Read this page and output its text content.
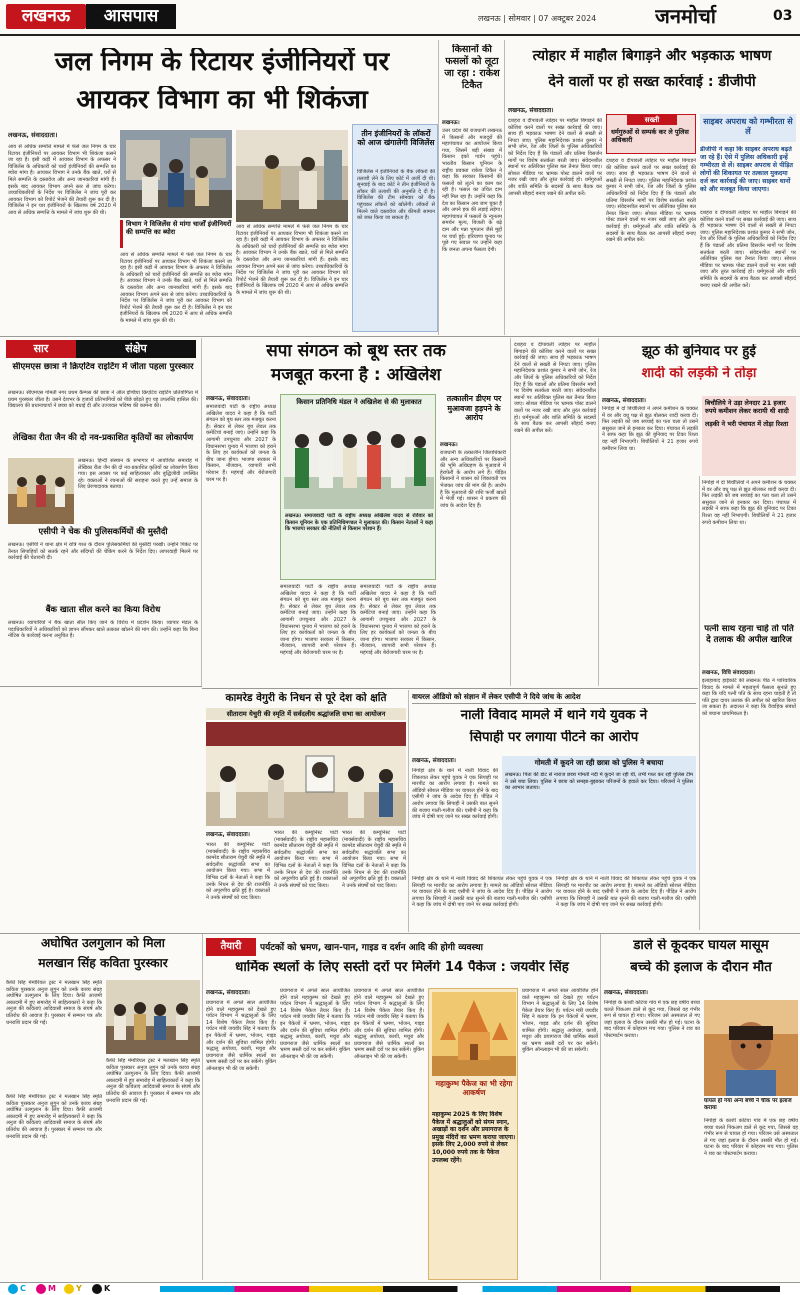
लखनऊ	आसपास	लखनऊ | सोमवार | 07 अक्टूबर 2024	जनमोर्चा	03
जल निगम के रिटायर इंजीनियरों पर
आयकर विभाग का भी शिकंजा
लखनऊ, संवाददाता।
आय से अधिक सम्पत्ति मामले में फंसे जल निगम के चार रिटायर इंजीनियरों पर आयकर विभाग भी शिकंजा कसने जा रहा है। इसी कड़ी में आयकर विभाग के अफसर ने विजिलेंस के अधिकारी को चारों इंजीनियरों की सम्पत्ति का ब्योरा मांगा है। आयकर विभाग ने उनके बैंक खाते, घरों से मिले सम्पत्ति के दस्तावेज और अन्य जानकारियां मांगी हैं। इसके बाद आयकर विभाग अपने स्तर से जांच करेगा। उच्चाधिकारियों के निर्देश पर विजिलेंस ने जांच पूरी कर आयकर विभाग को रिपोर्ट भेजने की तैयारी शुरू कर दी है। विजिलेंस ने इन चार इंजीनियरों के खिलाफ वर्ष 2020 में आय से अधिक सम्पत्ति के मामले में जांच शुरू की थी।
विभाग ने विजिलेंस से मांगा चार्जों इंजीनियरों की सम्पत्ति का ब्योरा
आय से अधिक सम्पत्ति मामले में फंसे जल निगम के चार रिटायर इंजीनियरों पर आयकर विभाग भी शिकंजा कसने जा रहा है। इसी कड़ी में आयकर विभाग के अफसर ने विजिलेंस के अधिकारी को चारों इंजीनियरों की सम्पत्ति का ब्योरा मांगा है। आयकर विभाग ने उनके बैंक खाते, घरों से मिले सम्पत्ति के दस्तावेज और अन्य जानकारियां मांगी हैं। इसके बाद आयकर विभाग अपने स्तर से जांच करेगा। उच्चाधिकारियों के निर्देश पर विजिलेंस ने जांच पूरी कर आयकर विभाग को रिपोर्ट भेजने की तैयारी शुरू कर दी है। विजिलेंस ने इन चार इंजीनियरों के खिलाफ वर्ष 2020 में आय से अधिक सम्पत्ति के मामले में जांच शुरू की थी।
आय से अधिक सम्पत्ति मामले में फंसे जल निगम के चार रिटायर इंजीनियरों पर आयकर विभाग भी शिकंजा कसने जा रहा है। इसी कड़ी में आयकर विभाग के अफसर ने विजिलेंस के अधिकारी को चारों इंजीनियरों की सम्पत्ति का ब्योरा मांगा है। आयकर विभाग ने उनके बैंक खाते, घरों से मिले सम्पत्ति के दस्तावेज और अन्य जानकारियां मांगी हैं। इसके बाद आयकर विभाग अपने स्तर से जांच करेगा। उच्चाधिकारियों के निर्देश पर विजिलेंस ने जांच पूरी कर आयकर विभाग को रिपोर्ट भेजने की तैयारी शुरू कर दी है। विजिलेंस ने इन चार इंजीनियरों के खिलाफ वर्ष 2020 में आय से अधिक सम्पत्ति के मामले में जांच शुरू की थी।
तीन इंजीनियरों के लॉकरों को आज खंगालेगी विजिलेंस
विजिलेंस ने इंजीनियरों के बैंक लॉकरों की तलाशी लेने के लिए कोर्ट में अर्जी दी थी। सुनवाई के बाद कोर्ट ने तीन इंजीनियरों के लॉकर की तलाशी की अनुमति दे दी है। विजिलेंस की टीम सोमवार को बैंक पहुंचकर लॉकरों को खोलेगी। लॉकरों से मिलने वाले दस्तावेज और कीमती सामान को जब्त किया जा सकता है।
किसानों की फसलों को लूटा जा रहा : राकेश टिकैत
लखनऊ।
उत्तर प्रदेश की राजधानी लखनऊ में किसानों और मजदूरों की महापंचायत का आयोजन किया गया, जिसमें बड़ी संख्या में किसान इको गार्डन पहुंचे। भारतीय किसान यूनियन के राष्ट्रीय प्रवक्ता राकेश टिकैत ने कहा कि सरकार किसानों की फसलों को लूटने का काम कर रही है। फसल का उचित दाम नहीं मिल रहा है। उन्होंने कहा कि देश का किसान अब जाग चुका है और अपने हक की लड़ाई लड़ेगा। महापंचायत में फसलों के न्यूनतम समर्थन मूल्य, बिजली के बढ़े दाम और गन्ना भुगतान जैसे मुद्दों पर चर्चा हुई। हरियाणा चुनाव पर पूछे गए सवाल पर उन्होंने कहा कि जनता अपना फैसला देगी।
त्योहार में माहौल बिगाड़ने और भड़काऊ भाषण
देने वालों पर हो सख्त कार्रवाई : डीजीपी
लखनऊ, संवाददाता।
दशहरा व दीपावली त्योहार पर माहौल बिगाड़ने की कोशिश करने वालों पर सख्त कार्रवाई की जाए। साथ ही भड़काऊ भाषण देने वालों से सख्ती से निपटा जाए। पुलिस महानिदेशक प्रशांत कुमार ने सभी जोन, रेंज और जिलों के पुलिस अधिकारियों को निर्देश दिए हैं कि पंडालों और प्रतिमा विसर्जन मार्गों पर विशेष सतर्कता बरती जाए। संवेदनशील स्थानों पर अतिरिक्त पुलिस बल तैनात किया जाए। सोशल मीडिया पर भ्रामक पोस्ट डालने वालों पर नजर रखी जाए और तुरंत कार्रवाई हो। धर्मगुरुओं और शांति समिति के सदस्यों के साथ बैठक कर आपसी सौहार्द बनाए रखने की अपील करें।
सख्ती
धर्मगुरुओं से सम्पर्क कर ले पुलिस अधिकारी
दशहरा व दीपावली त्योहार पर माहौल बिगाड़ने की कोशिश करने वालों पर सख्त कार्रवाई की जाए। साथ ही भड़काऊ भाषण देने वालों से सख्ती से निपटा जाए। पुलिस महानिदेशक प्रशांत कुमार ने सभी जोन, रेंज और जिलों के पुलिस अधिकारियों को निर्देश दिए हैं कि पंडालों और प्रतिमा विसर्जन मार्गों पर विशेष सतर्कता बरती जाए। संवेदनशील स्थानों पर अतिरिक्त पुलिस बल तैनात किया जाए। सोशल मीडिया पर भ्रामक पोस्ट डालने वालों पर नजर रखी जाए और तुरंत कार्रवाई हो। धर्मगुरुओं और शांति समिति के सदस्यों के साथ बैठक कर आपसी सौहार्द बनाए रखने की अपील करें।
साइबर अपराध को गम्भीरता से लें
डीजीपी ने कहा कि साइबर अपराध बढ़ते जा रहे हैं। ऐसे में पुलिस अधिकारी इन्हें गम्भीरता से लें। साइबर अपराध से पीड़ित लोगों की शिकायत पर तत्काल मुकदमा दर्ज कर कार्रवाई की जाए। साइबर थानों को और मजबूत किया जाएगा।
दशहरा व दीपावली त्योहार पर माहौल बिगाड़ने की कोशिश करने वालों पर सख्त कार्रवाई की जाए। साथ ही भड़काऊ भाषण देने वालों से सख्ती से निपटा जाए। पुलिस महानिदेशक प्रशांत कुमार ने सभी जोन, रेंज और जिलों के पुलिस अधिकारियों को निर्देश दिए हैं कि पंडालों और प्रतिमा विसर्जन मार्गों पर विशेष सतर्कता बरती जाए। संवेदनशील स्थानों पर अतिरिक्त पुलिस बल तैनात किया जाए। सोशल मीडिया पर भ्रामक पोस्ट डालने वालों पर नजर रखी जाए और तुरंत कार्रवाई हो। धर्मगुरुओं और शांति समिति के सदस्यों के साथ बैठक कर आपसी सौहार्द बनाए रखने की अपील करें।
सार	संक्षेप
सीएमएस छात्रा ने क्रिएटिव राइटिंग में जीता पहला पुरस्कार
लखनऊ। सीएमएस गोमती नगर प्रथम कैम्पस की छात्रा ने ऑल इण्डिया क्रिएटिव राइटिंग प्रतियोगिता में प्रथम पुरस्कार जीता है। उसने देशभर के हजारों प्रतिभागियों को पीछे छोड़ते हुए यह उपलब्धि हासिल की। विद्यालय की प्रधानाचार्या ने छात्रा को बधाई दी और उज्जवल भविष्य की कामना की।
लेखिका रीता जैन की दो नव-प्रकाशित कृतियों का लोकार्पण
लखनऊ। हिन्दी संस्थान के सभागार में आयोजित समारोह में लेखिका रीता जैन की दो नव-प्रकाशित कृतियों का लोकार्पण किया गया। इस अवसर पर कई साहित्यकार और बुद्धिजीवी उपस्थित रहे। वक्ताओं ने रचनाओं की सराहना करते हुए उन्हें समाज के लिए प्रेरणादायक बताया।
एसीपी ने चेक की पुलिसकर्मियों की मुस्तैदी
लखनऊ। एसीपी ने थाना क्षेत्र में रात्रि गश्त के दौरान पुलिसकर्मियों की मुस्तैदी परखी। उन्होंने पिकेट पर तैनात सिपाहियों को सतर्क रहने और संदिग्धों की चेकिंग करने के निर्देश दिए। लापरवाही मिलने पर कार्रवाई की चेतावनी दी।
बैंक खाता सील करने का किया विरोध
लखनऊ। व्यापारियों ने बैंक खाता सील किए जाने के विरोध में प्रदर्शन किया। व्यापार मंडल के पदाधिकारियों ने अधिकारियों को ज्ञापन सौंपकर खाते तत्काल खोलने की मांग की। उन्होंने कहा कि बिना नोटिस के कार्रवाई करना अनुचित है।
सपा संगठन को बूथ स्तर तक
मजबूत करना है : अखिलेश
लखनऊ, संवाददाता।
समाजवादी पार्टी के राष्ट्रीय अध्यक्ष अखिलेश यादव ने कहा है कि पार्टी संगठन को बूथ स्तर तक मजबूत करना है। सेक्टर से लेकर बूथ लेवल तक कमेटियां बनाई जाएं। उन्होंने कहा कि आगामी उपचुनाव और 2027 के विधानसभा चुनाव में भाजपा को हराने के लिए हर कार्यकर्ता को जनता के बीच जाना होगा। भाजपा सरकार में किसान, नौजवान, व्यापारी सभी परेशान हैं। महंगाई और बेरोजगारी चरम पर है।
किसान प्रतिनिधि मंडल ने अखिलेश से की मुलाकात
लखनऊ। समाजवादी पार्टी के राष्ट्रीय अध्यक्ष अखिलेश यादव से रविवार को किसान यूनियन के एक प्रतिनिधिमण्डल ने मुलाकात की। किसान नेताओं ने कहा कि भाजपा सरकार की नीतियों से किसान परेशान हैं।
समाजवादी पार्टी के राष्ट्रीय अध्यक्ष अखिलेश यादव ने कहा है कि पार्टी संगठन को बूथ स्तर तक मजबूत करना है। सेक्टर से लेकर बूथ लेवल तक कमेटियां बनाई जाएं। उन्होंने कहा कि आगामी उपचुनाव और 2027 के विधानसभा चुनाव में भाजपा को हराने के लिए हर कार्यकर्ता को जनता के बीच जाना होगा। भाजपा सरकार में किसान, नौजवान, व्यापारी सभी परेशान हैं। महंगाई और बेरोजगारी चरम पर है।
समाजवादी पार्टी के राष्ट्रीय अध्यक्ष अखिलेश यादव ने कहा है कि पार्टी संगठन को बूथ स्तर तक मजबूत करना है। सेक्टर से लेकर बूथ लेवल तक कमेटियां बनाई जाएं। उन्होंने कहा कि आगामी उपचुनाव और 2027 के विधानसभा चुनाव में भाजपा को हराने के लिए हर कार्यकर्ता को जनता के बीच जाना होगा। भाजपा सरकार में किसान, नौजवान, व्यापारी सभी परेशान हैं। महंगाई और बेरोजगारी चरम पर है।
तत्कालीन डीएम पर मुआवजा हड़पने के आरोप
लखनऊ।
राजधानी के तत्कालीन जिलाधिकारी और अन्य अधिकारियों पर किसानों की भूमि अधिग्रहण के मुआवजे में हेराफेरी के आरोप लगे हैं। पीड़ित किसानों ने शासन को शिकायती पत्र भेजकर जांच की मांग की है। आरोप है कि मुआवजे की राशि फर्जी खातों में भेजी गई। शासन ने प्रकरण की जांच के आदेश दिए हैं।
दशहरा व दीपावली त्योहार पर माहौल बिगाड़ने की कोशिश करने वालों पर सख्त कार्रवाई की जाए। साथ ही भड़काऊ भाषण देने वालों से सख्ती से निपटा जाए। पुलिस महानिदेशक प्रशांत कुमार ने सभी जोन, रेंज और जिलों के पुलिस अधिकारियों को निर्देश दिए हैं कि पंडालों और प्रतिमा विसर्जन मार्गों पर विशेष सतर्कता बरती जाए। संवेदनशील स्थानों पर अतिरिक्त पुलिस बल तैनात किया जाए। सोशल मीडिया पर भ्रामक पोस्ट डालने वालों पर नजर रखी जाए और तुरंत कार्रवाई हो। धर्मगुरुओं और शांति समिति के सदस्यों के साथ बैठक कर आपसी सौहार्द बनाए रखने की अपील करें।
झूठ की बुनियाद पर हुई
शादी को लड़की ने तोड़ा
लखनऊ, संवाददाता।
निगोहां में दो बिचौलियों ने अपने कमीशन के चक्कर में वर और वधू पक्ष से झूठ बोलकर शादी करवा दी। फिर लड़की को जब सच्चाई का पता चला तो उसने ससुराल जाने से इनकार कर दिया। पंचायत में लड़की ने साफ कहा कि झूठ की बुनियाद पर टिका रिश्ता वह नहीं निभाएगी। बिचौलियों ने 21 हजार रुपये कमीशन लिया था।
बिचौलिये ने उड़ा लेनदार 21 हजार रुपये कमीशन लेकर करायी थी शादी
लड़की ने भरी पंचायत में तोड़ा रिश्ता
निगोहां में दो बिचौलियों ने अपने कमीशन के चक्कर में वर और वधू पक्ष से झूठ बोलकर शादी करवा दी। फिर लड़की को जब सच्चाई का पता चला तो उसने ससुराल जाने से इनकार कर दिया। पंचायत में लड़की ने साफ कहा कि झूठ की बुनियाद पर टिका रिश्ता वह नहीं निभाएगी। बिचौलियों ने 21 हजार रुपये कमीशन लिया था।
पत्नी साथ रहना चाहे तो पति दे तलाक की अपील खारिज
लखनऊ, विधि संवाददाता।
इलाहाबाद हाईकोर्ट की लखनऊ पीठ ने पारिवारिक विवाद के मामले में महत्वपूर्ण फैसला सुनाते हुए कहा कि यदि पत्नी पति के साथ रहना चाहती है तो पति द्वारा दायर तलाक की अपील को खारिज किया जा सकता है। अदालत ने कहा कि वैवाहिक संबंधों को बचाना प्राथमिकता है।
कामरेड वेगुरी के निधन से पूरे देश को क्षति
सीताराम येचुरी की स्मृति में सर्वदलीय श्रद्धांजलि सभा का आयोजन
लखनऊ, संवाददाता।
भारत की कम्युनिस्ट पार्टी (मार्क्सवादी) के राष्ट्रीय महासचिव कामरेड सीताराम येचुरी की स्मृति में सर्वदलीय श्रद्धांजलि सभा का आयोजन किया गया। सभा में विभिन्न दलों के नेताओं ने कहा कि उनके निधन से देश की राजनीति को अपूरणीय क्षति हुई है। वक्ताओं ने उनके संघर्षों को याद किया।
भारत की कम्युनिस्ट पार्टी (मार्क्सवादी) के राष्ट्रीय महासचिव कामरेड सीताराम येचुरी की स्मृति में सर्वदलीय श्रद्धांजलि सभा का आयोजन किया गया। सभा में विभिन्न दलों के नेताओं ने कहा कि उनके निधन से देश की राजनीति को अपूरणीय क्षति हुई है। वक्ताओं ने उनके संघर्षों को याद किया।
भारत की कम्युनिस्ट पार्टी (मार्क्सवादी) के राष्ट्रीय महासचिव कामरेड सीताराम येचुरी की स्मृति में सर्वदलीय श्रद्धांजलि सभा का आयोजन किया गया। सभा में विभिन्न दलों के नेताओं ने कहा कि उनके निधन से देश की राजनीति को अपूरणीय क्षति हुई है। वक्ताओं ने उनके संघर्षों को याद किया।
वायरल ऑडियो को संज्ञान में लेकर एसीपी ने दिये जांच के आदेश
नाली विवाद मामले में थाने गये युवक ने
सिपाही पर लगाया पीटने का आरोप
लखनऊ, संवाददाता।
निगोहां क्षेत्र के थाने में नाली विवाद की शिकायत लेकर पहुंचे युवक ने एक सिपाही पर मारपीट का आरोप लगाया है। मामले का ऑडियो सोशल मीडिया पर वायरल होने के बाद एसीपी ने जांच के आदेश दिए हैं। पीड़ित ने आरोप लगाया कि सिपाही ने उसकी बात सुनने की बजाय गाली-गलौज की। एसीपी ने कहा कि जांच में दोषी पाए जाने पर सख्त कार्रवाई होगी।
गोमती में कूदने जा रही छात्रा को पुलिस ने बचाया
लखनऊ। पिता की डांट से नाराज छात्रा गोमती नदी में कूदने जा रही थी, तभी गश्त कर रही पुलिस टीम ने उसे बचा लिया। पुलिस ने छात्रा को समझा-बुझाकर परिजनों के हवाले कर दिया। परिजनों ने पुलिस का आभार जताया।
निगोहां क्षेत्र के थाने में नाली विवाद की शिकायत लेकर पहुंचे युवक ने एक सिपाही पर मारपीट का आरोप लगाया है। मामले का ऑडियो सोशल मीडिया पर वायरल होने के बाद एसीपी ने जांच के आदेश दिए हैं। पीड़ित ने आरोप लगाया कि सिपाही ने उसकी बात सुनने की बजाय गाली-गलौज की। एसीपी ने कहा कि जांच में दोषी पाए जाने पर सख्त कार्रवाई होगी।
निगोहां क्षेत्र के थाने में नाली विवाद की शिकायत लेकर पहुंचे युवक ने एक सिपाही पर मारपीट का आरोप लगाया है। मामले का ऑडियो सोशल मीडिया पर वायरल होने के बाद एसीपी ने जांच के आदेश दिए हैं। पीड़ित ने आरोप लगाया कि सिपाही ने उसकी बात सुनने की बजाय गाली-गलौज की। एसीपी ने कहा कि जांच में दोषी पाए जाने पर सख्त कार्रवाई होगी।
अघोषित उलगुलान को मिला
मलखान सिंह कविता पुरस्कार
कैफी सिंह मेमोरियल ट्रस्ट ने मलखान सिंह स्मृति कविता पुरस्कार अनुज लुगुन को उनके काव्य संग्रह अघोषित उलगुलान के लिए दिया। कैफी आजमी अकादमी में हुए समारोह में साहित्यकारों ने कहा कि अनुज की कविताएं आदिवासी समाज के संघर्ष और प्रतिरोध की आवाज हैं। पुरस्कार में सम्मान पत्र और धनराशि प्रदान की गई।
कैफी सिंह मेमोरियल ट्रस्ट ने मलखान सिंह स्मृति कविता पुरस्कार अनुज लुगुन को उनके काव्य संग्रह अघोषित उलगुलान के लिए दिया। कैफी आजमी अकादमी में हुए समारोह में साहित्यकारों ने कहा कि अनुज की कविताएं आदिवासी समाज के संघर्ष और प्रतिरोध की आवाज हैं। पुरस्कार में सम्मान पत्र और धनराशि प्रदान की गई।
कैफी सिंह मेमोरियल ट्रस्ट ने मलखान सिंह स्मृति कविता पुरस्कार अनुज लुगुन को उनके काव्य संग्रह अघोषित उलगुलान के लिए दिया। कैफी आजमी अकादमी में हुए समारोह में साहित्यकारों ने कहा कि अनुज की कविताएं आदिवासी समाज के संघर्ष और प्रतिरोध की आवाज हैं। पुरस्कार में सम्मान पत्र और धनराशि प्रदान की गई।
तैयारी	पर्यटकों को भ्रमण, खान-पान, गाइड व दर्शन आदि की होगी व्यवस्था
धार्मिक स्थलों के लिए सस्ती दरों पर मिलेंगे 14 पैकेज : जयवीर सिंह
लखनऊ, संवाददाता।
प्रयागराज में अगले साल आयोजित होने वाले महाकुम्भ को देखते हुए पर्यटन विभाग ने श्रद्धालुओं के लिए 14 विशेष पैकेज तैयार किए हैं। पर्यटन मंत्री जयवीर सिंह ने बताया कि इन पैकेजों में भ्रमण, भोजन, गाइड और दर्शन की सुविधा शामिल होगी। श्रद्धालु अयोध्या, काशी, मथुरा और प्रयागराज जैसे धार्मिक स्थलों का भ्रमण सस्ती दरों पर कर सकेंगे। बुकिंग ऑनलाइन भी की जा सकेगी।
प्रयागराज में अगले साल आयोजित होने वाले महाकुम्भ को देखते हुए पर्यटन विभाग ने श्रद्धालुओं के लिए 14 विशेष पैकेज तैयार किए हैं। पर्यटन मंत्री जयवीर सिंह ने बताया कि इन पैकेजों में भ्रमण, भोजन, गाइड और दर्शन की सुविधा शामिल होगी। श्रद्धालु अयोध्या, काशी, मथुरा और प्रयागराज जैसे धार्मिक स्थलों का भ्रमण सस्ती दरों पर कर सकेंगे। बुकिंग ऑनलाइन भी की जा सकेगी।
प्रयागराज में अगले साल आयोजित होने वाले महाकुम्भ को देखते हुए पर्यटन विभाग ने श्रद्धालुओं के लिए 14 विशेष पैकेज तैयार किए हैं। पर्यटन मंत्री जयवीर सिंह ने बताया कि इन पैकेजों में भ्रमण, भोजन, गाइड और दर्शन की सुविधा शामिल होगी। श्रद्धालु अयोध्या, काशी, मथुरा और प्रयागराज जैसे धार्मिक स्थलों का भ्रमण सस्ती दरों पर कर सकेंगे। बुकिंग ऑनलाइन भी की जा सकेगी।
महाकुम्भ पैकेज का भी रहेगा आकर्षण
महाकुम्भ 2025 के लिए विशेष पैकेज में श्रद्धालुओं को संगम स्नान, अखाड़ों का दर्शन और प्रयागराज के प्रमुख मंदिरों का भ्रमण कराया जाएगा। इसके लिए 2,000 रुपये से लेकर 10,000 रुपये तक के पैकेज उपलब्ध रहेंगे।
प्रयागराज में अगले साल आयोजित होने वाले महाकुम्भ को देखते हुए पर्यटन विभाग ने श्रद्धालुओं के लिए 14 विशेष पैकेज तैयार किए हैं। पर्यटन मंत्री जयवीर सिंह ने बताया कि इन पैकेजों में भ्रमण, भोजन, गाइड और दर्शन की सुविधा शामिल होगी। श्रद्धालु अयोध्या, काशी, मथुरा और प्रयागराज जैसे धार्मिक स्थलों का भ्रमण सस्ती दरों पर कर सकेंगे। बुकिंग ऑनलाइन भी की जा सकेगी।
डाले से कूदकर घायल मासूम
बच्चे की इलाज के दौरान मौत
लखनऊ, संवाददाता।
निगोहां के काशी कटिया गांव में एक छह वर्षीय बच्चा चलते पिकअप डाले से कूद गया, जिससे वह गंभीर रूप से घायल हो गया। परिजन उसे अस्पताल ले गए जहां इलाज के दौरान उसकी मौत हो गई। घटना के बाद परिवार में कोहराम मच गया। पुलिस ने शव का पोस्टमार्टम कराया।
घायल हो गया अन्य बच्चे ने चौक पर इलाज कराया
निगोहां के काशी कटिया गांव में एक छह वर्षीय बच्चा चलते पिकअप डाले से कूद गया, जिससे वह गंभीर रूप से घायल हो गया। परिजन उसे अस्पताल ले गए जहां इलाज के दौरान उसकी मौत हो गई। घटना के बाद परिवार में कोहराम मच गया। पुलिस ने शव का पोस्टमार्टम कराया।
C	M	Y	K
